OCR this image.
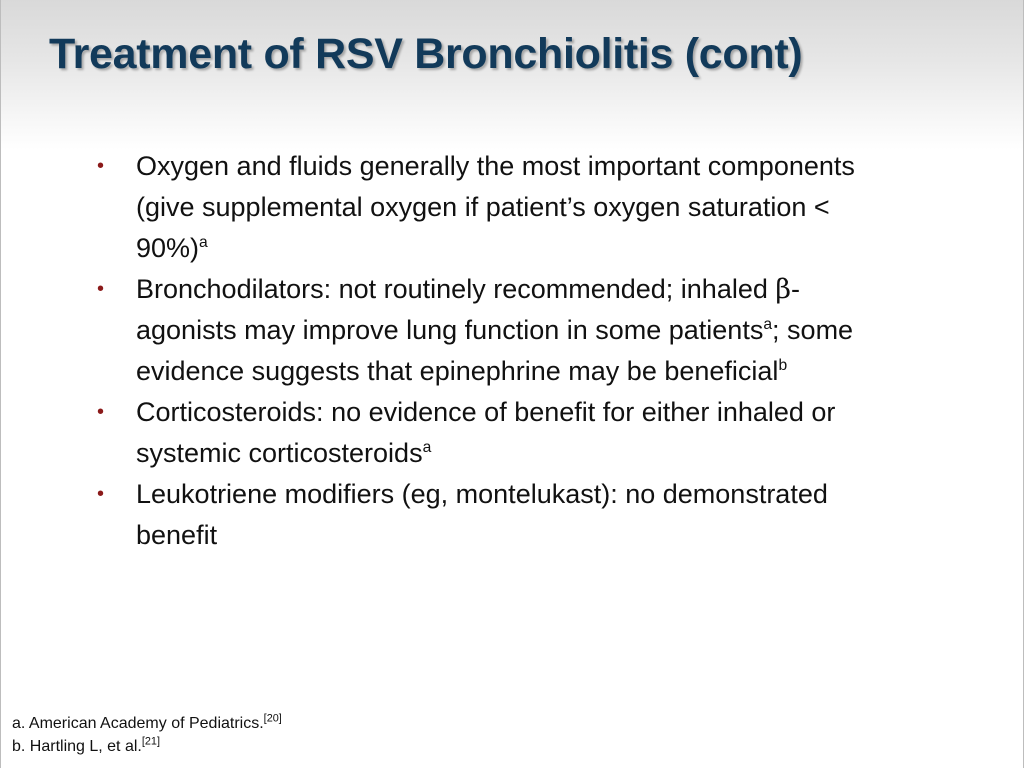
Treatment of RSV Bronchiolitis (cont)
• Oxygen and fluids generally the most important components (give supplemental oxygen if patient’s oxygen saturation < 90%)$^a$
• Bronchodilators: not routinely recommended; inhaled β-agonists may improve lung function in some patients$^a$; some evidence suggests that epinephrine may be beneficial$^b$
• Corticosteroids: no evidence of benefit for either inhaled or systemic corticosteroids$^a$
• Leukotriene modifiers (eg, montelukast): no demonstrated benefit
a. American Academy of Pediatrics.[20]
b. Hartling L, et al.[21]
